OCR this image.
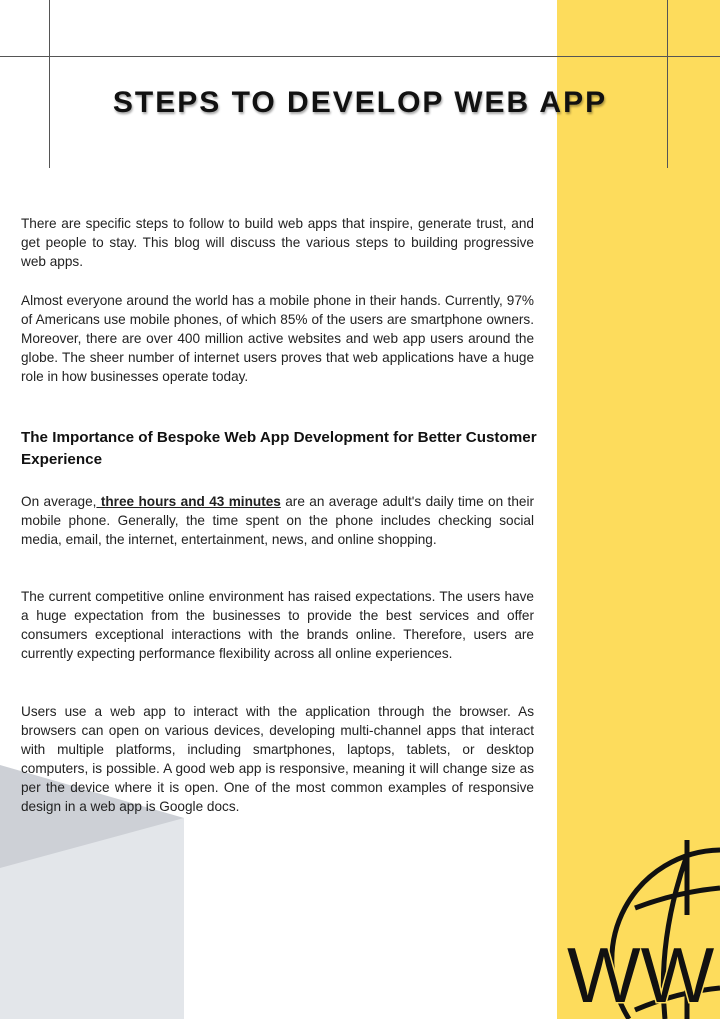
STEPS TO DEVELOP WEB APP

There are specific steps to follow to build web apps that inspire, generate trust, and get people to stay. This blog will discuss the various steps to building progressive web apps.

Almost everyone around the world has a mobile phone in their hands. Currently, 97% of Americans use mobile phones, of which 85% of the users are smartphone owners. Moreover, there are over 400 million active websites and web app users around the globe. The sheer number of internet users proves that web applications have a huge role in how businesses operate today.

The Importance of Bespoke Web App Development for Better Customer Experience

On average, three hours and 43 minutes are an average adult's daily time on their mobile phone. Generally, the time spent on the phone includes checking social media, email, the internet, entertainment, news, and online shopping.

The current competitive online environment has raised expectations. The users have a huge expectation from the businesses to provide the best services and offer consumers exceptional interactions with the brands online. Therefore, users are currently expecting performance flexibility across all online experiences.

Users use a web app to interact with the application through the browser. As browsers can open on various devices, developing multi-channel apps that interact with multiple platforms, including smartphones, laptops, tablets, or desktop computers, is possible. A good web app is responsive, meaning it will change size as per the device where it is open. One of the most common examples of responsive design in a web app is Google docs.

WW
